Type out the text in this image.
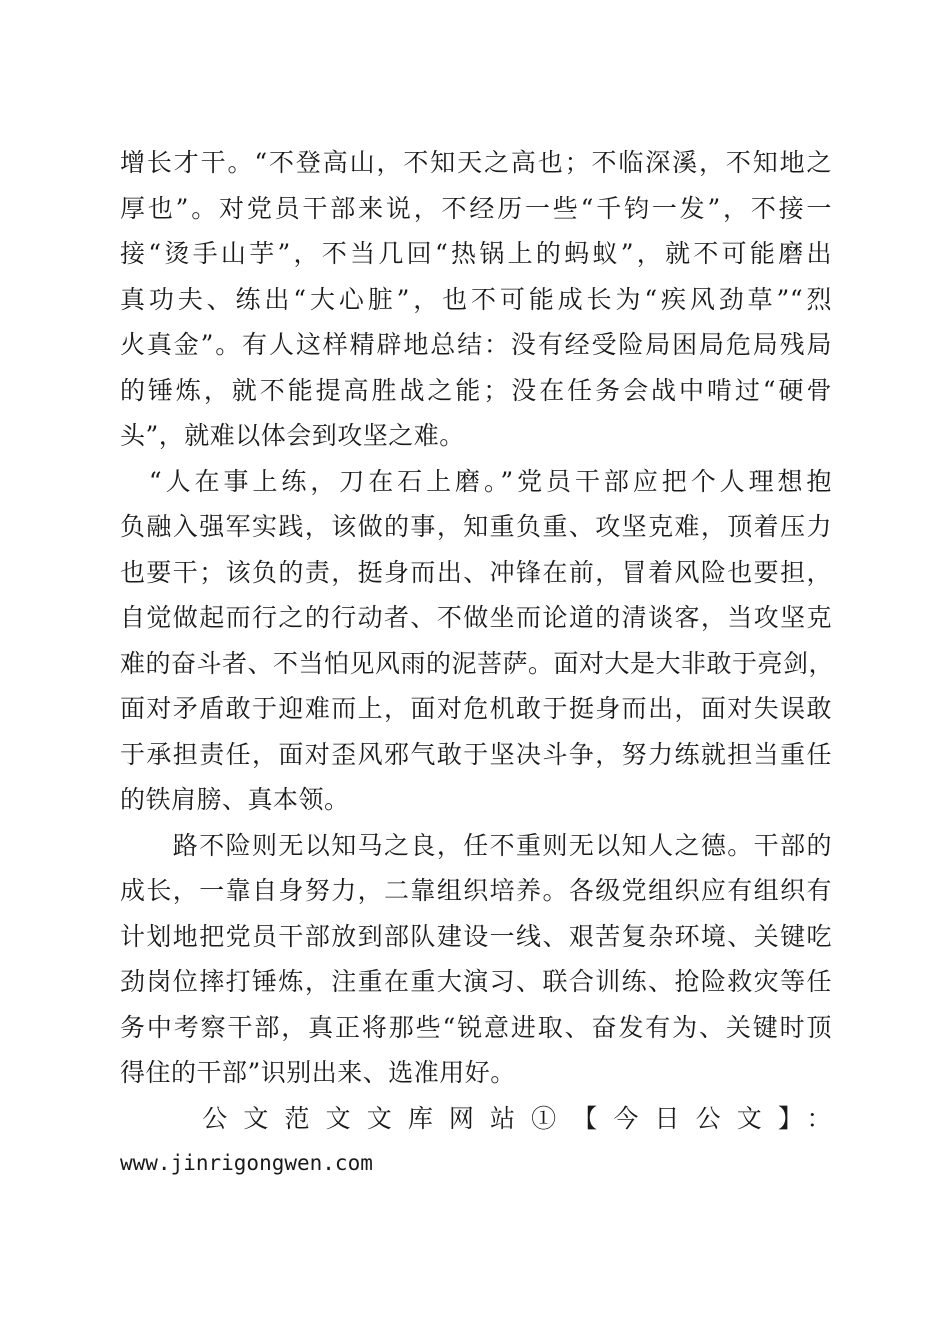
增长才干。“不登高山，不知天之高也；不临深溪，不知地之
厚也”。对党员干部来说，不经历一些“千钧一发”，不接一
接“烫手山芋”，不当几回“热锅上的蚂蚁”，就不可能磨出
真功夫、练出“大心脏”，也不可能成长为“疾风劲草”“烈
火真金”。有人这样精辟地总结：没有经受险局困局危局残局
的锤炼，就不能提高胜战之能；没在任务会战中啃过“硬骨
头”，就难以体会到攻坚之难。
　“人在事上练，刀在石上磨。”党员干部应把个人理想抱
负融入强军实践，该做的事，知重负重、攻坚克难，顶着压力
也要干；该负的责，挺身而出、冲锋在前，冒着风险也要担，
自觉做起而行之的行动者、不做坐而论道的清谈客，当攻坚克
难的奋斗者、不当怕见风雨的泥菩萨。面对大是大非敢于亮剑，
面对矛盾敢于迎难而上，面对危机敢于挺身而出，面对失误敢
于承担责任，面对歪风邪气敢于坚决斗争，努力练就担当重任
的铁肩膀、真本领。
　　路不险则无以知马之良，任不重则无以知人之德。干部的
成长，一靠自身努力，二靠组织培养。各级党组织应有组织有
计划地把党员干部放到部队建设一线、艰苦复杂环境、关键吃
劲岗位摔打锤炼，注重在重大演习、联合训练、抢险救灾等任
务中考察干部，真正将那些“锐意进取、奋发有为、关键时顶
得住的干部”识别出来、选准用好。
　　公文范文文库网站①【今日公文】：
www.jinrigongwen.com
